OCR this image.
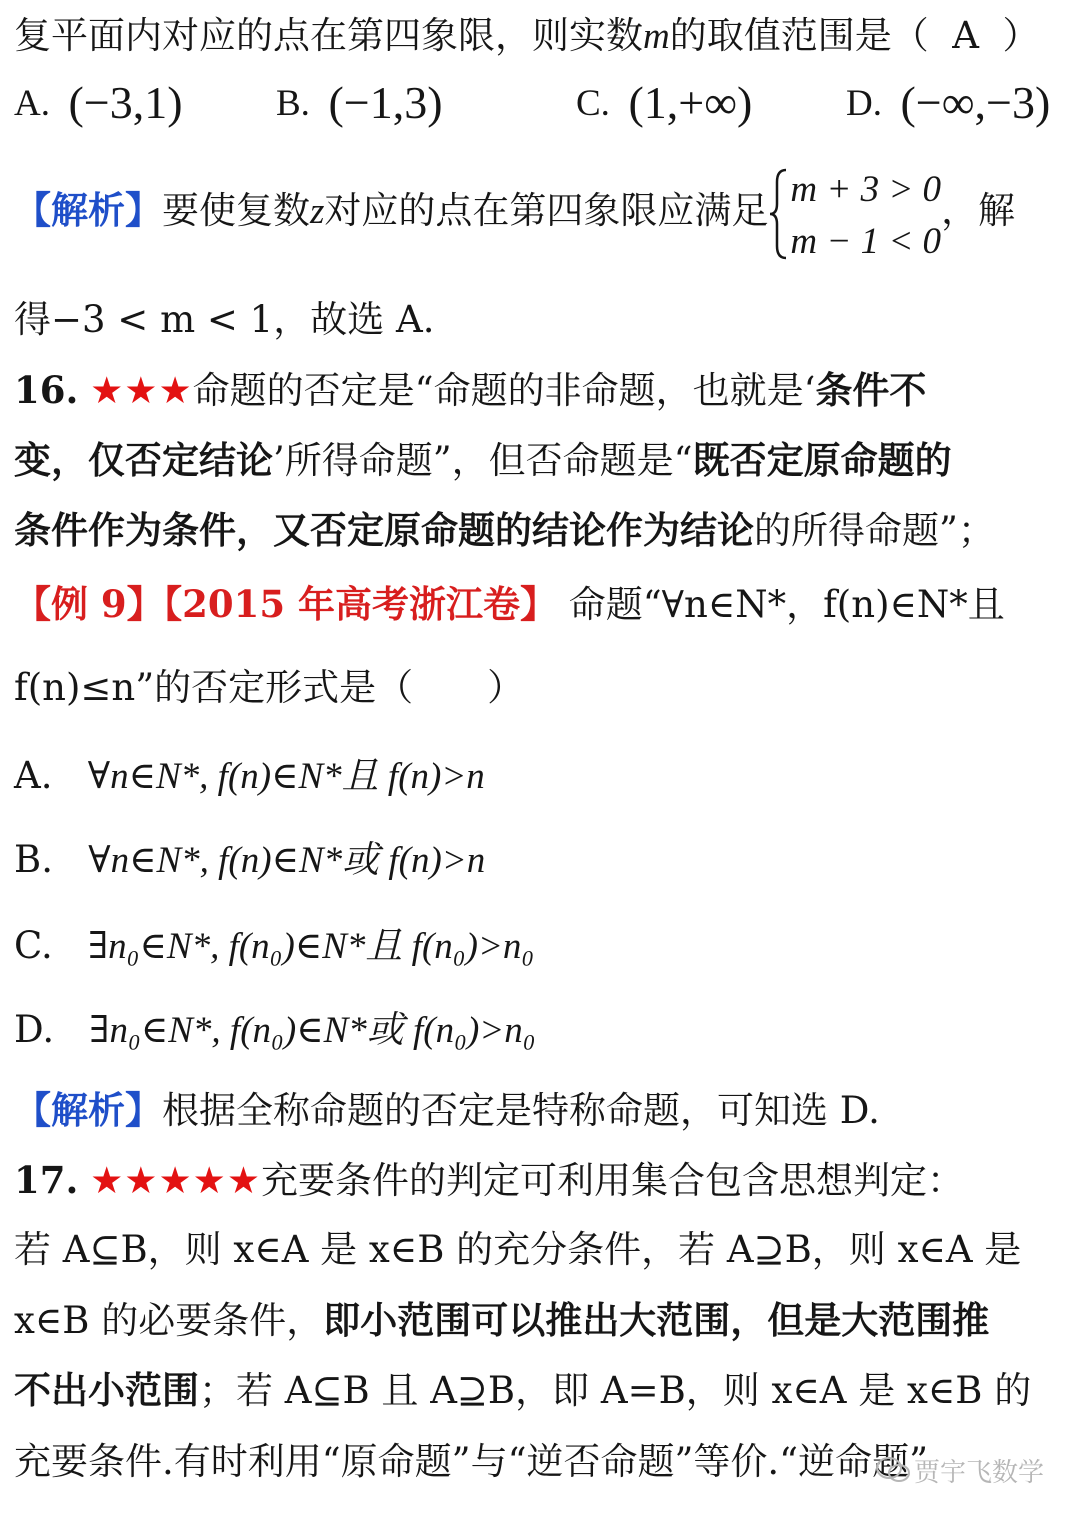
复平面内对应的点在第四象限，则实数m的取值范围是（ A ）
A. (−3,1)	B. (−1,3)	C. (1,+∞)	D. (−∞,−3)
【解析】要使复数z对应的点在第四象限应满足 m + 3 > 0
m − 1 < 0
，解
得−3 < m < 1，故选 A.
16. ★★★命题的否定是“命题的非命题，也就是‘条件不
变，仅否定结论’所得命题”，但否命题是“既否定原命题的
条件作为条件，又否定原命题的结论作为结论的所得命题”；
【例 9】【2015 年高考浙江卷】 命题“∀n∈N*，f(n)∈N*且
f(n)≤n”的否定形式是（　　）
A. ∀n∈N*, f(n)∈N*且 f(n)>n
B. ∀n∈N*, f(n)∈N*或 f(n)>n
C. ∃n₀∈N*, f(n₀)∈N*且 f(n₀)>n₀
D. ∃n₀∈N*, f(n₀)∈N*或 f(n₀)>n₀
【解析】根据全称命题的否定是特称命题，可知选 D.
17. ★★★★★充要条件的判定可利用集合包含思想判定：
若 A⊆B，则 x∈A 是 x∈B 的充分条件，若 A⊇B，则 x∈A 是
x∈B 的必要条件，即小范围可以推出大范围，但是大范围推
不出小范围；若 A⊆B 且 A⊇B，即 A=B，则 x∈A 是 x∈B 的
充要条件.有时利用“原命题”与“逆否命题”等价.“逆命题”
贾宇飞数学
